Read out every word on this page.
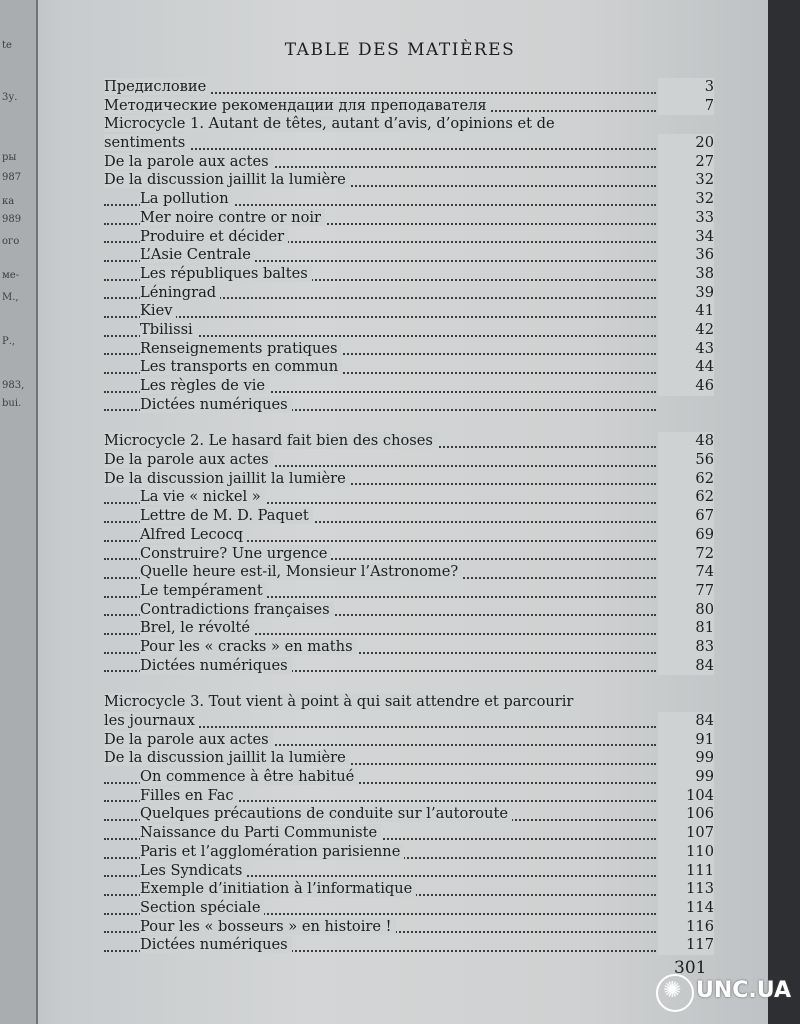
te
3у.
ры
987
ка
989
ого
ме-
М.,
Р.,
983,
bui.
TABLE DES MATIÈRES
Предисловие	3
Методические рекомендации для преподавателя	7
Microcycle 1. Autant de têtes, autant d’avis, d’opinions et de
sentiments	20
De la parole aux actes	27
De la discussion jaillit la lumière	32
La pollution	32
Mer noire contre or noir	33
Produire et décider	34
L’Asie Centrale	36
Les républiques baltes	38
Léningrad	39
Kiev	41
Tbilissi	42
Renseignements pratiques	43
Les transports en commun	44
Les règles de vie	46
Dictées numériques
Microcycle 2. Le hasard fait bien des choses	48
De la parole aux actes	56
De la discussion jaillit la lumière	62
La vie « nickel »	62
Lettre de M. D. Paquet	67
Alfred Lecocq	69
Construire? Une urgence	72
Quelle heure est-il, Monsieur l’Astronome?	74
Le tempérament	77
Contradictions françaises	80
Brel, le révolté	81
Pour les « cracks » en maths	83
Dictées numériques	84
Microcycle 3. Tout vient à point à qui sait attendre et parcourir
les journaux	84
De la parole aux actes	91
De la discussion jaillit la lumière	99
On commence à être habitué	99
Filles en Fac	104
Quelques précautions de conduite sur l’autoroute	106
Naissance du Parti Communiste	107
Paris et l’agglomération parisienne	110
Les Syndicats	111
Exemple d’initiation à l’informatique	113
Section spéciale	114
Pour les « bosseurs » en histoire !	116
Dictées numériques	117
301
✺
UNC.UA
